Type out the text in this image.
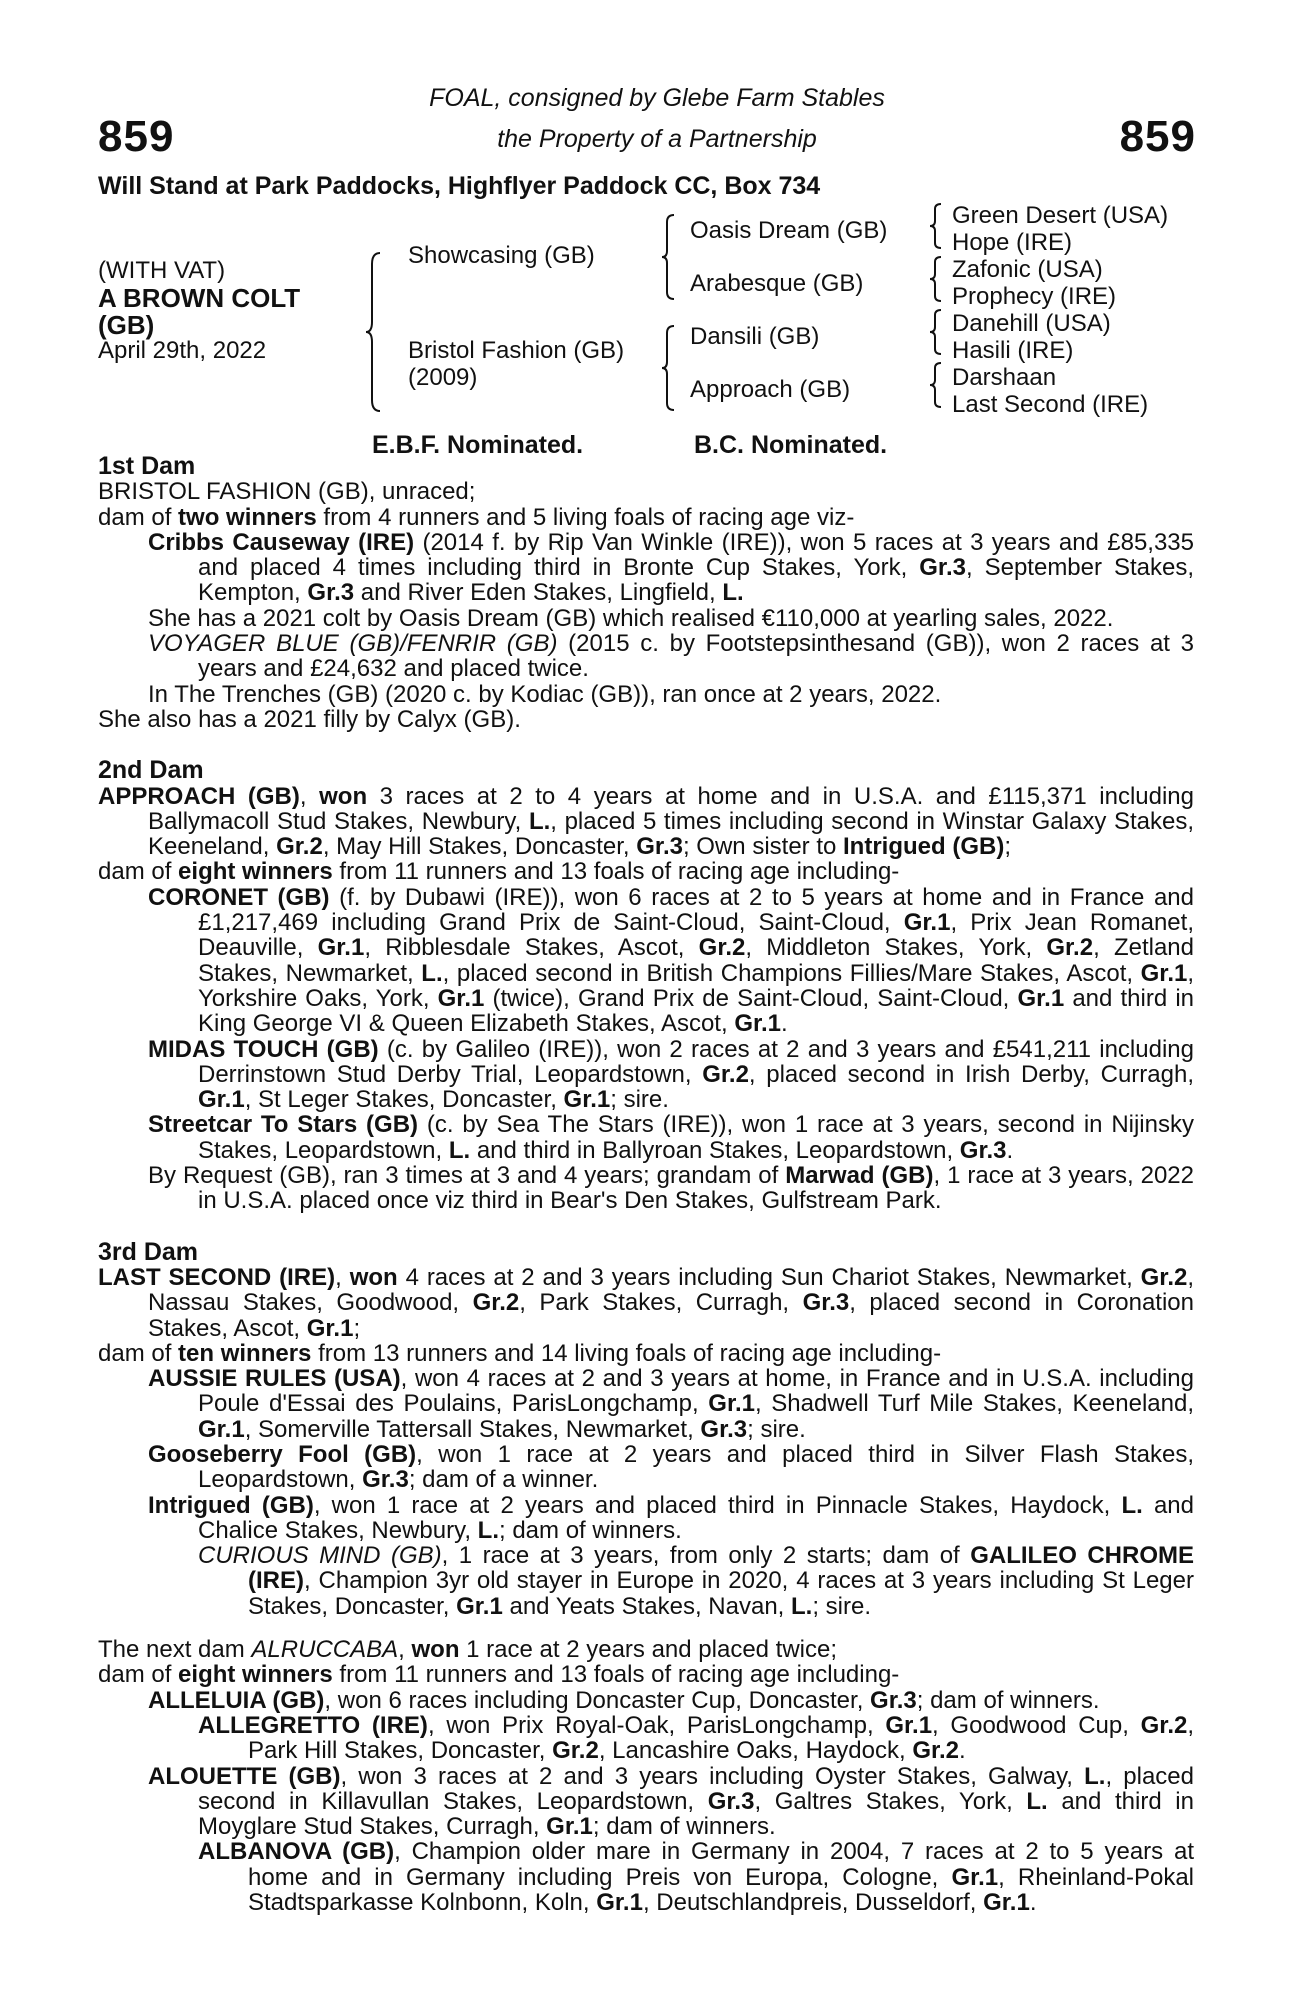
859	859
FOAL, consigned by Glebe Farm Stables
the Property of a Partnership
Will Stand at Park Paddocks, Highflyer Paddock CC, Box 734
(WITH VAT)
A BROWN COLT
(GB)
April 29th, 2022
Showcasing (GB)
Bristol Fashion (GB)
(2009)
Oasis Dream (GB)
Arabesque (GB)
Dansili (GB)
Approach (GB)
Green Desert (USA)
Hope (IRE)
Zafonic (USA)
Prophecy (IRE)
Danehill (USA)
Hasili (IRE)
Darshaan
Last Second (IRE)
E.B.F. Nominated.	B.C. Nominated.
1st Dam

BRISTOL FASHION (GB), unraced;

dam of two winners from 4 runners and 5 living foals of racing age viz-

Cribbs Causeway (IRE) (2014 f. by Rip Van Winkle (IRE)), won 5 races at 3 years and £85,335 and placed 4 times including third in Bronte Cup Stakes, York, Gr.3, September Stakes, Kempton, Gr.3 and River Eden Stakes, Lingfield, L.

She has a 2021 colt by Oasis Dream (GB) which realised €110,000 at yearling sales, 2022.

VOYAGER BLUE (GB)/FENRIR (GB) (2015 c. by Footstepsinthesand (GB)), won 2 races at 3 years and £24,632 and placed twice.

In The Trenches (GB) (2020 c. by Kodiac (GB)), ran once at 2 years, 2022.

She also has a 2021 filly by Calyx (GB).

2nd Dam

APPROACH (GB), won 3 races at 2 to 4 years at home and in U.S.A. and £115,371 including Ballymacoll Stud Stakes, Newbury, L., placed 5 times including second in Winstar Galaxy Stakes, Keeneland, Gr.2, May Hill Stakes, Doncaster, Gr.3; Own sister to Intrigued (GB);

dam of eight winners from 11 runners and 13 foals of racing age including-

CORONET (GB) (f. by Dubawi (IRE)), won 6 races at 2 to 5 years at home and in France and £1,217,469 including Grand Prix de Saint-Cloud, Saint-Cloud, Gr.1, Prix Jean Romanet, Deauville, Gr.1, Ribblesdale Stakes, Ascot, Gr.2, Middleton Stakes, York, Gr.2, Zetland Stakes, Newmarket, L., placed second in British Champions Fillies/Mare Stakes, Ascot, Gr.1, Yorkshire Oaks, York, Gr.1 (twice), Grand Prix de Saint-Cloud, Saint-Cloud, Gr.1 and third in King George VI & Queen Elizabeth Stakes, Ascot, Gr.1.

MIDAS TOUCH (GB) (c. by Galileo (IRE)), won 2 races at 2 and 3 years and £541,211 including Derrinstown Stud Derby Trial, Leopardstown, Gr.2, placed second in Irish Derby, Curragh, Gr.1, St Leger Stakes, Doncaster, Gr.1; sire.

Streetcar To Stars (GB) (c. by Sea The Stars (IRE)), won 1 race at 3 years, second in Nijinsky Stakes, Leopardstown, L. and third in Ballyroan Stakes, Leopardstown, Gr.3.

By Request (GB), ran 3 times at 3 and 4 years; grandam of Marwad (GB), 1 race at 3 years, 2022 in U.S.A. placed once viz third in Bear's Den Stakes, Gulfstream Park.

3rd Dam

LAST SECOND (IRE), won 4 races at 2 and 3 years including Sun Chariot Stakes, Newmarket, Gr.2, Nassau Stakes, Goodwood, Gr.2, Park Stakes, Curragh, Gr.3, placed second in Coronation Stakes, Ascot, Gr.1;

dam of ten winners from 13 runners and 14 living foals of racing age including-

AUSSIE RULES (USA), won 4 races at 2 and 3 years at home, in France and in U.S.A. including Poule d'Essai des Poulains, ParisLongchamp, Gr.1, Shadwell Turf Mile Stakes, Keeneland, Gr.1, Somerville Tattersall Stakes, Newmarket, Gr.3; sire.

Gooseberry Fool (GB), won 1 race at 2 years and placed third in Silver Flash Stakes, Leopardstown, Gr.3; dam of a winner.

Intrigued (GB), won 1 race at 2 years and placed third in Pinnacle Stakes, Haydock, L. and Chalice Stakes, Newbury, L.; dam of winners.

CURIOUS MIND (GB), 1 race at 3 years, from only 2 starts; dam of GALILEO CHROME (IRE), Champion 3yr old stayer in Europe in 2020, 4 races at 3 years including St Leger Stakes, Doncaster, Gr.1 and Yeats Stakes, Navan, L.; sire.

The next dam ALRUCCABA, won 1 race at 2 years and placed twice;

dam of eight winners from 11 runners and 13 foals of racing age including-

ALLELUIA (GB), won 6 races including Doncaster Cup, Doncaster, Gr.3; dam of winners.

ALLEGRETTO (IRE), won Prix Royal-Oak, ParisLongchamp, Gr.1, Goodwood Cup, Gr.2, Park Hill Stakes, Doncaster, Gr.2, Lancashire Oaks, Haydock, Gr.2.

ALOUETTE (GB), won 3 races at 2 and 3 years including Oyster Stakes, Galway, L., placed second in Killavullan Stakes, Leopardstown, Gr.3, Galtres Stakes, York, L. and third in Moyglare Stud Stakes, Curragh, Gr.1; dam of winners.

ALBANOVA (GB), Champion older mare in Germany in 2004, 7 races at 2 to 5 years at home and in Germany including Preis von Europa, Cologne, Gr.1, Rheinland-Pokal Stadtsparkasse Kolnbonn, Koln, Gr.1, Deutschlandpreis, Dusseldorf, Gr.1.
